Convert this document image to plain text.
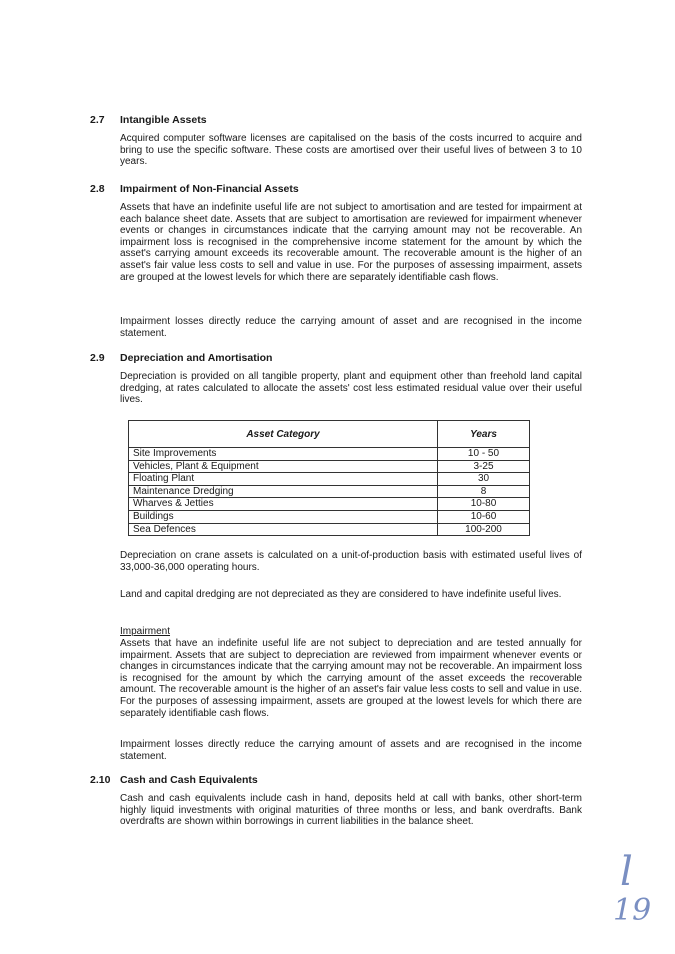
2.7 Intangible Assets

Acquired computer software licenses are capitalised on the basis of the costs incurred to acquire and bring to use the specific software. These costs are amortised over their useful lives of between 3 to 10 years.

2.8 Impairment of Non-Financial Assets

Assets that have an indefinite useful life are not subject to amortisation and are tested for impairment at each balance sheet date. Assets that are subject to amortisation are reviewed for impairment whenever events or changes in circumstances indicate that the carrying amount may not be recoverable. An impairment loss is recognised in the comprehensive income statement for the amount by which the asset's carrying amount exceeds its recoverable amount. The recoverable amount is the higher of an asset's fair value less costs to sell and value in use. For the purposes of assessing impairment, assets are grouped at the lowest levels for which there are separately identifiable cash flows.

Impairment losses directly reduce the carrying amount of asset and are recognised in the income statement.

2.9 Depreciation and Amortisation

Depreciation is provided on all tangible property, plant and equipment other than freehold land capital dredging, at rates calculated to allocate the assets' cost less estimated residual value over their useful lives.

Asset Category	Years
Site Improvements	10 - 50
Vehicles, Plant & Equipment	3-25
Floating Plant	30
Maintenance Dredging	8
Wharves & Jetties	10-80
Buildings	10-60
Sea Defences	100-200

Depreciation on crane assets is calculated on a unit-of-production basis with estimated useful lives of 33,000-36,000 operating hours.

Land and capital dredging are not depreciated as they are considered to have indefinite useful lives.

Impairment

Assets that have an indefinite useful life are not subject to depreciation and are tested annually for impairment. Assets that are subject to depreciation are reviewed from impairment whenever events or changes in circumstances indicate that the carrying amount may not be recoverable. An impairment loss is recognised for the amount by which the carrying amount of the asset exceeds the recoverable amount. The recoverable amount is the higher of an asset's fair value less costs to sell and value in use. For the purposes of assessing impairment, assets are grouped at the lowest levels for which there are separately identifiable cash flows.

Impairment losses directly reduce the carrying amount of assets and are recognised in the income statement.

2.10 Cash and Cash Equivalents

Cash and cash equivalents include cash in hand, deposits held at call with banks, other short-term highly liquid investments with original maturities of three months or less, and bank overdrafts. Bank overdrafts are shown within borrowings in current liabilities in the balance sheet.

l
19
